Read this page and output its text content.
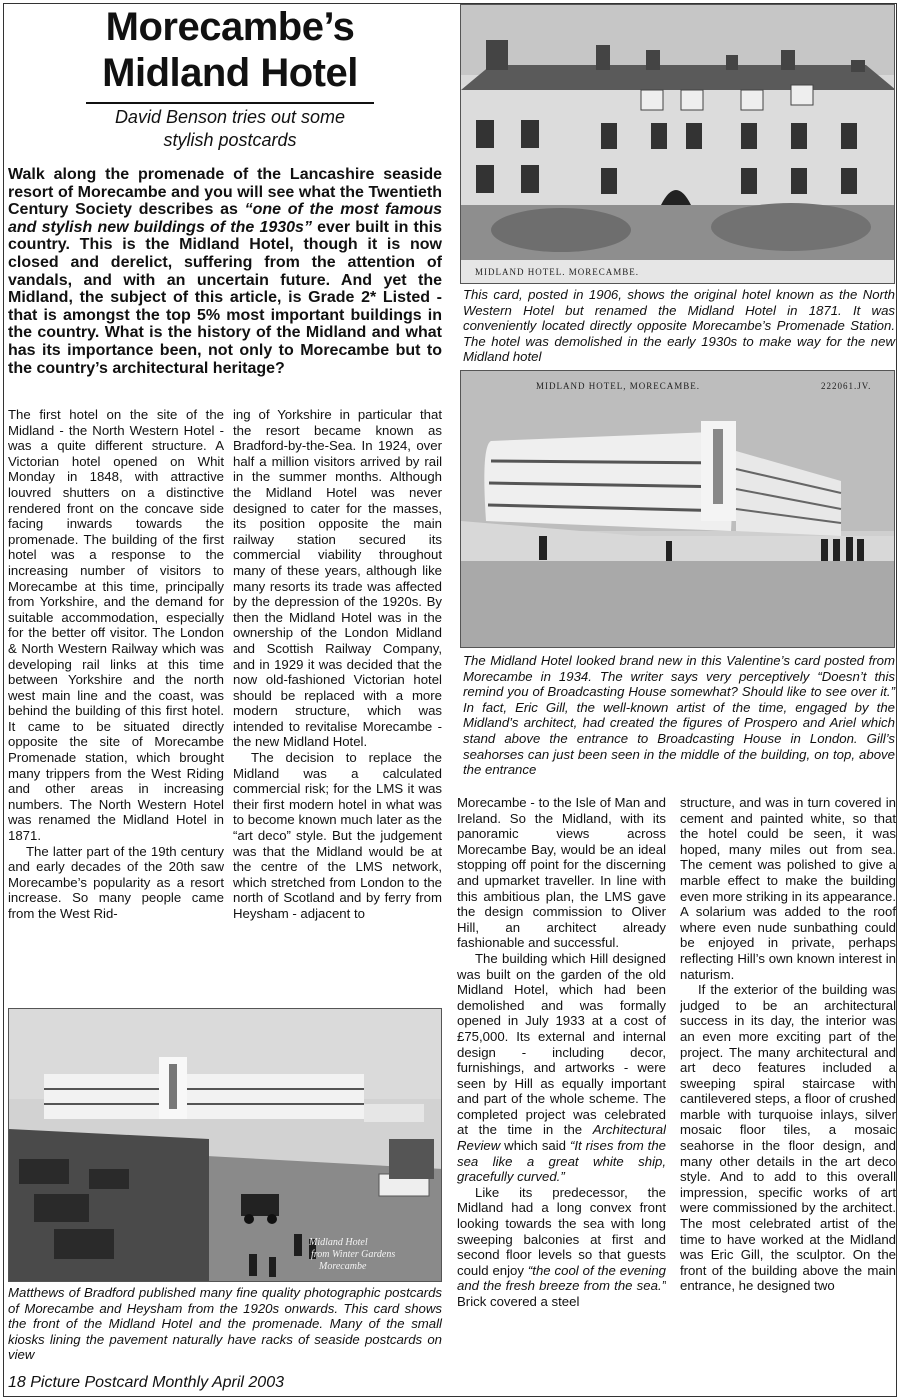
Morecambe’s
Midland Hotel
David Benson tries out some
stylish postcards
Walk along the promenade of the Lancashire seaside resort of Morecambe and you will see what the Twentieth Century Society describes as “one of the most famous and stylish new buildings of the 1930s” ever built in this country. This is the Midland Hotel, though it is now closed and derelict, suffering from the attention of vandals, and with an uncertain future. And yet the Midland, the subject of this article, is Grade 2* Listed - that is amongst the top 5% most important buildings in the country. What is the history of the Midland and what has its importance been, not only to Morecambe but to the country’s architectural heritage?

The first hotel on the site of the Midland - the North Western Hotel - was a quite different structure. A Victorian hotel opened on Whit Monday in 1848, with attractive louvred shutters on a distinctive rendered front on the concave side facing inwards towards the promenade. The building of the first hotel was a response to the increasing number of visitors to Morecambe at this time, principally from Yorkshire, and the demand for suitable accommodation, especially for the better off visitor. The London & North Western Railway which was developing rail links at this time between Yorkshire and the north west main line and the coast, was behind the building of this first hotel. It came to be situated directly opposite the site of Morecambe Promenade station, which brought many trippers from the West Riding and other areas in increasing numbers. The North Western Hotel was renamed the Midland Hotel in 1871.

The latter part of the 19th century and early decades of the 20th saw Morecambe’s popularity as a resort increase. So many people came from the West Rid-

ing of Yorkshire in particular that the resort became known as Bradford-by-the-Sea. In 1924, over half a million visitors arrived by rail in the summer months. Although the Midland Hotel was never designed to cater for the masses, its position opposite the main railway station secured its commercial viability throughout many of these years, although like many resorts its trade was affected by the depression of the 1920s. By then the Midland Hotel was in the ownership of the London Midland and Scottish Railway Company, and in 1929 it was decided that the now old-fashioned Victorian hotel should be replaced with a more modern structure, which was intended to revitalise Morecambe - the new Midland Hotel.

The decision to replace the Midland was a calculated commercial risk; for the LMS it was their first modern hotel in what was to become known much later as the “art deco” style. But the judgement was that the Midland would be at the centre of the LMS network, which stretched from London to the north of Scotland and by ferry from Heysham - adjacent to

Morecambe - to the Isle of Man and Ireland. So the Midland, with its panoramic views across Morecambe Bay, would be an ideal stopping off point for the discerning and upmarket traveller. In line with this ambitious plan, the LMS gave the design commission to Oliver Hill, an architect already fashionable and successful.

The building which Hill designed was built on the garden of the old Midland Hotel, which had been demolished and was formally opened in July 1933 at a cost of £75,000. Its external and internal design - including decor, furnishings, and artworks - were seen by Hill as equally important and part of the whole scheme. The completed project was celebrated at the time in the Architectural Review which said “It rises from the sea like a great white ship, gracefully curved.”

Like its predecessor, the Midland had a long convex front looking towards the sea with long sweeping balconies at first and second floor levels so that guests could enjoy “the cool of the evening and the fresh breeze from the sea.” Brick covered a steel

structure, and was in turn covered in cement and painted white, so that the hotel could be seen, it was hoped, many miles out from sea. The cement was polished to give a marble effect to make the building even more striking in its appearance. A solarium was added to the roof where even nude sunbathing could be enjoyed in private, perhaps reflecting Hill’s own known interest in naturism.

If the exterior of the building was judged to be an architectural success in its day, the interior was an even more exciting part of the project. The many architectural and art deco features included a sweeping spiral staircase with cantilevered steps, a floor of crushed marble with turquoise inlays, silver mosaic floor tiles, a mosaic seahorse in the floor design, and many other details in the art deco style. And to add to this overall impression, specific works of art were commissioned by the architect. The most celebrated artist of the time to have worked at the Midland was Eric Gill, the sculptor. On the front of the building above the main entrance, he designed two

MIDLAND HOTEL. MORECAMBE.
This card, posted in 1906, shows the original hotel known as the North Western Hotel but renamed the Midland Hotel in 1871. It was conveniently located directly opposite Morecambe’s Promenade Station. The hotel was demolished in the early 1930s to make way for the new Midland hotel
MIDLAND HOTEL, MORECAMBE.	222061.JV.
The Midland Hotel looked brand new in this Valentine’s card posted from Morecambe in 1934. The writer says very perceptively “Doesn’t this remind you of Broadcasting House somewhat? Should like to see over it.” In fact, Eric Gill, the well-known artist of the time, engaged by the Midland’s architect, had created the figures of Prospero and Ariel which stand above the entrance to Broadcasting House in London. Gill’s seahorses can just been seen in the middle of the building, on top, above the entrance
Midland Hotel
from Winter Gardens
Morecambe
Matthews of Bradford published many fine quality photographic postcards of Morecambe and Heysham from the 1920s onwards. This card shows the front of the Midland Hotel and the promenade. Many of the small kiosks lining the pavement naturally have racks of seaside postcards on view
18 Picture Postcard Monthly April 2003
